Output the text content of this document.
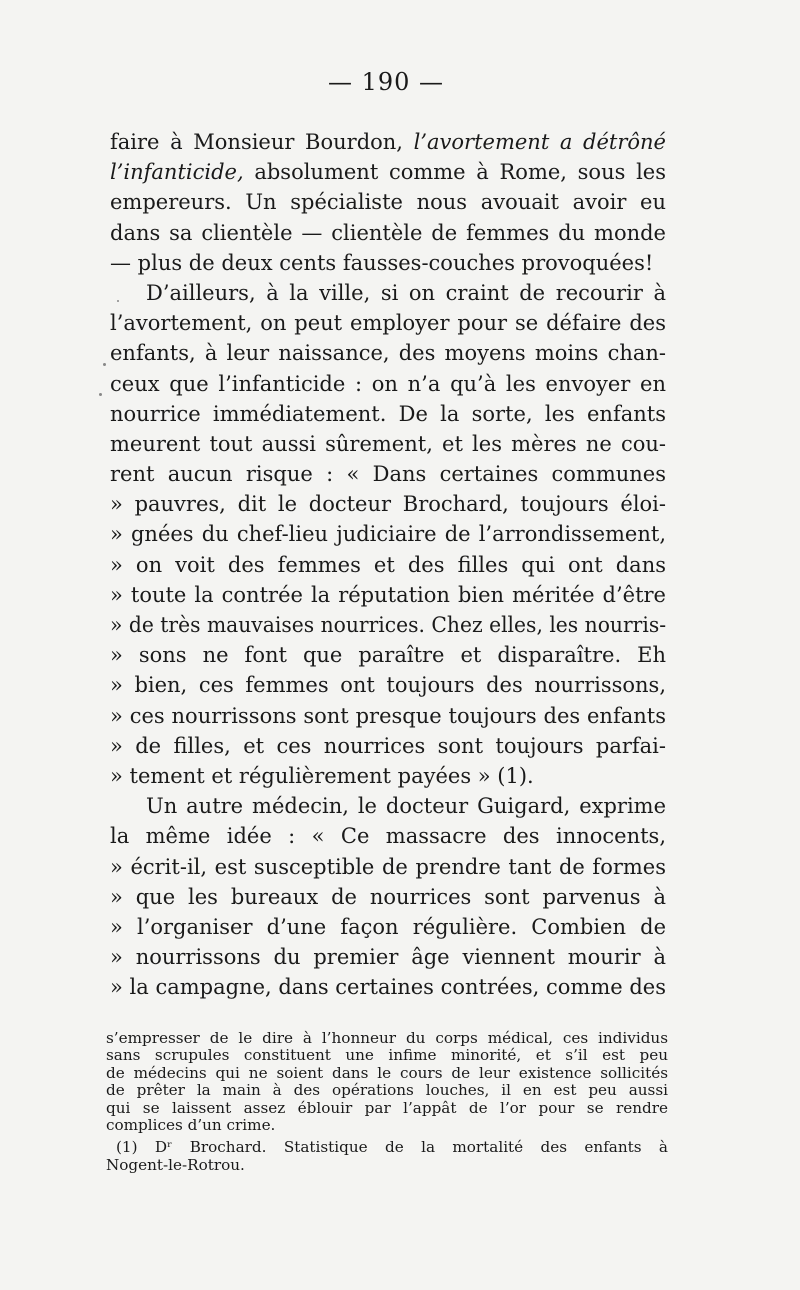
— 190 —
faire à Monsieur Bourdon, l’avortement a détrôné
l’infanticide, absolument comme à Rome, sous les
empereurs. Un spécialiste nous avouait avoir eu
dans sa clientèle — clientèle de femmes du monde
— plus de deux cents fausses-couches provoquées!
D’ailleurs, à la ville, si on craint de recourir à
l’avortement, on peut employer pour se défaire des
enfants, à leur naissance, des moyens moins chan-
ceux que l’infanticide : on n’a qu’à les envoyer en
nourrice immédiatement. De la sorte, les enfants
meurent tout aussi sûrement, et les mères ne cou-
rent aucun risque : « Dans certaines communes
» pauvres, dit le docteur Brochard, toujours éloi-
» gnées du chef-lieu judiciaire de l’arrondissement,
» on voit des femmes et des filles qui ont dans
» toute la contrée la réputation bien méritée d’être
» de très mauvaises nourrices. Chez elles, les nourris-
» sons ne font que paraître et disparaître. Eh
» bien, ces femmes ont toujours des nourrissons,
» ces nourrissons sont presque toujours des enfants
» de filles, et ces nourrices sont toujours parfai-
» tement et régulièrement payées » (1).
Un autre médecin, le docteur Guigard, exprime
la même idée : « Ce massacre des innocents,
» écrit-il, est susceptible de prendre tant de formes
» que les bureaux de nourrices sont parvenus à
» l’organiser d’une façon régulière. Combien de
» nourrissons du premier âge viennent mourir à
» la campagne, dans certaines contrées, comme des
s’empresser de le dire à l’honneur du corps médical, ces individus
sans scrupules constituent une infime minorité, et s’il est peu
de médecins qui ne soient dans le cours de leur existence sollicités
de prêter la main à des opérations louches, il en est peu aussi
qui se laissent assez éblouir par l’appât de l’or pour se rendre
complices d’un crime.
(1) Dʳ Brochard. Statistique de la mortalité des enfants à
Nogent-le-Rotrou.
